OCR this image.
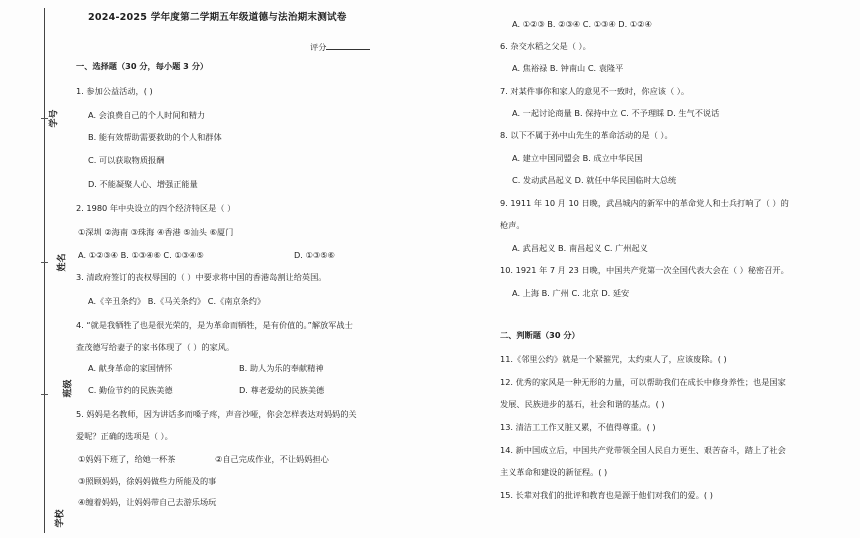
学号
姓名
班级
学校
2024-2025 学年度第二学期五年级道德与法治期末测试卷
评分
一、选择题（30 分，每小题 3 分）
1. 参加公益活动，( )
A. 会浪费自己的个人时间和精力
B. 能有效帮助需要救助的个人和群体
C. 可以获取物质报酬
D. 不能凝聚人心、增强正能量
2. 1980 年中央设立的四个经济特区是（ ）
①深圳 ②海南 ③珠海 ④香港 ⑤汕头 ⑥厦门
A. ①②③④ B. ①③④⑥ C. ①③④⑤	D. ①③⑤⑥
3. 清政府签订的丧权辱国的（ ）中要求将中国的香港岛割让给英国。
A.《辛丑条约》 B.《马关条约》 C.《南京条约》
4. “就是我牺牲了也是很光荣的，是为革命而牺牲，是有价值的。”解放军战士
查茂德写给妻子的家书体现了（ ）的家风。
A. 献身革命的家国情怀	B. 助人为乐的奉献精神
C. 勤俭节约的民族美德	D. 尊老爱幼的民族美德
5. 妈妈是名教师，因为讲话多而嗓子疼，声音沙哑，你会怎样表达对妈妈的关
爱呢？正确的选项是（ ）。
①妈妈下班了，给她一杯茶	②自己完成作业，不让妈妈担心
③照顾妈妈，徐妈妈做些力所能及的事
④缠着妈妈，让妈妈带自己去游乐场玩
A. ①②③ B. ②③④ C. ①③④ D. ①②④
6. 杂交水稻之父是（ ）。
A. 焦裕禄 B. 钟南山 C. 袁隆平
7. 对某件事你和家人的意见不一致时，你应该（ ）。
A. 一起讨论商量 B. 保持中立 C. 不予理睬 D. 生气不说话
8. 以下不属于孙中山先生的革命活动的是（ ）。
A. 建立中国同盟会 B. 成立中华民国
C. 发动武昌起义 D. 就任中华民国临时大总统
9. 1911 年 10 月 10 日晚，武昌城内的新军中的革命党人和士兵打响了（ ）的
枪声。
A. 武昌起义 B. 南昌起义 C. 广州起义
10. 1921 年 7 月 23 日晚，中国共产党第一次全国代表大会在（ ）秘密召开。
A. 上海 B. 广州 C. 北京 D. 延安
二、判断题（30 分）
11.《邻里公约》就是一个紧箍咒，太约束人了，应该废除。( )
12. 优秀的家风是一种无形的力量，可以帮助我们在成长中修身养性；也是国家
发展、民族进步的基石，社会和谐的基点。( )
13. 清洁工工作又脏又累，不值得尊重。( )
14. 新中国成立后，中国共产党带领全国人民自力更生、艰苦奋斗，踏上了社会
主义革命和建设的新征程。( )
15. 长辈对我们的批评和教育也是源于他们对我们的爱。( )
